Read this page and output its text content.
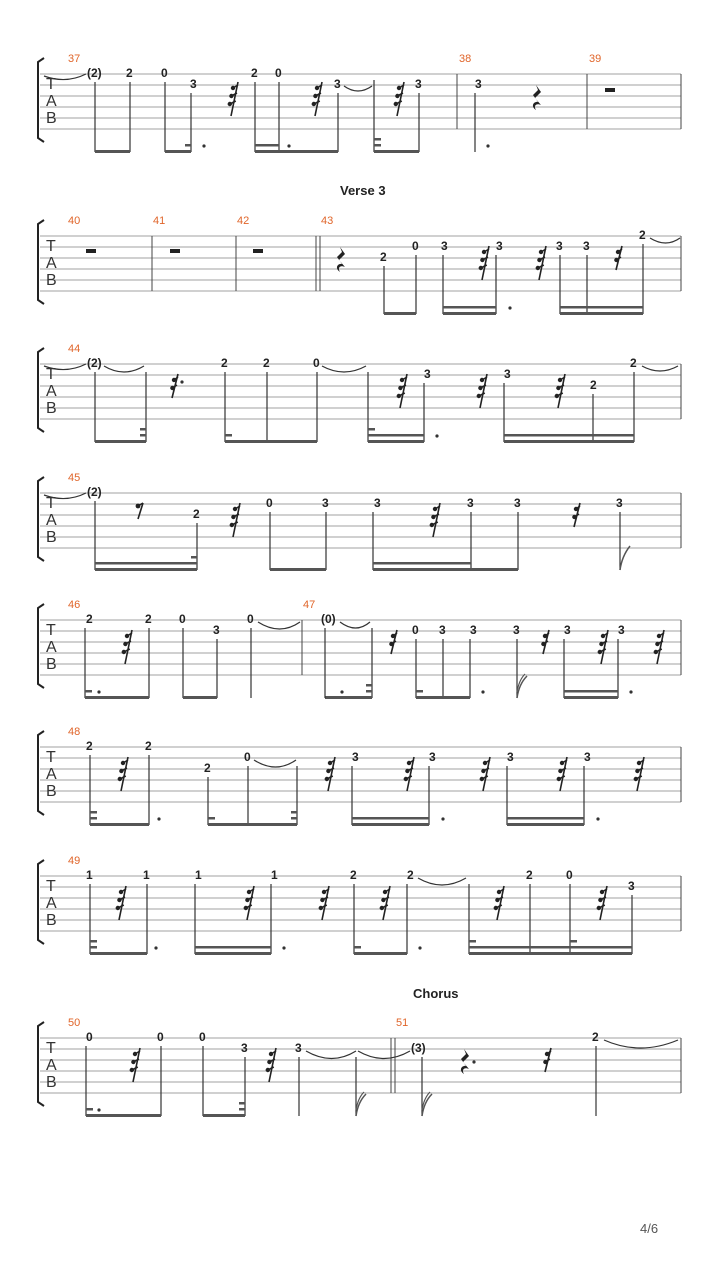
T
A
B
37	38	39
(2) 2 0
3
2 0
3	3	3
Verse 3
T
A
B
40	41	42	43
2
0 3	3	3 3
2
T
A
B
44
(2)	2	2	0
3	3
2
2
T
A
B
45
(2)
2
0	3	3	3	3	3
T
A
B
46	47
2	2 0
3
0	(0)
0 3 3	3	3	3
T
A
B
48
2	2
2
0	3	3	3	3
T
A
B
49
1	1	1	1	2	2	2	0
3
Chorus
T
A
B
50	51
0	0	0
3	3	(3)
2
4/6
